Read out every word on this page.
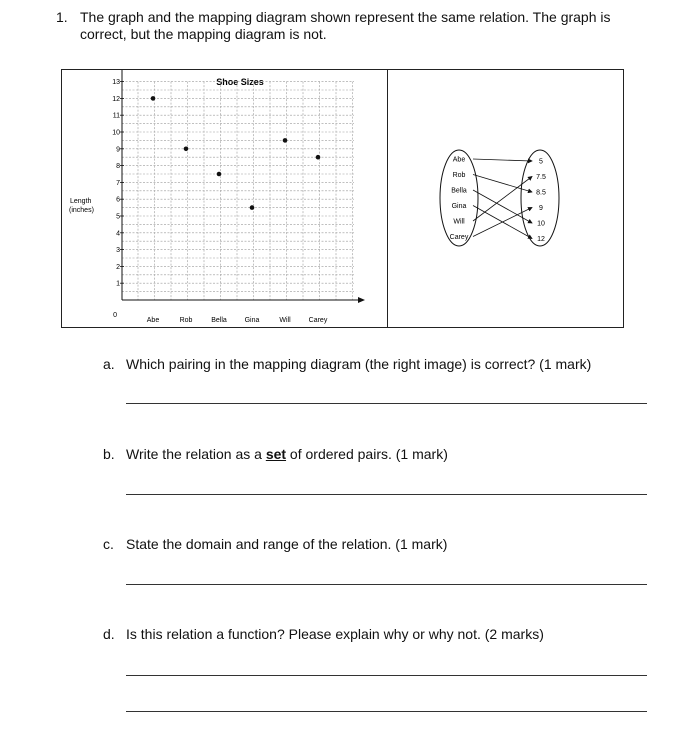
1. The graph and the mapping diagram shown represent the same relation. The graph is correct, but the mapping diagram is not.
Shoe Sizes
Length
(inches)
0
1
2
3
4
5
6
7
8
9
10
11
12
13
Abe	Rob	Bella	Gina	Will	Carey
Abe
Rob
Bella
Gina
Will
Carey
5
7.5
8.5
9
10
12
a. Which pairing in the mapping diagram (the right image) is correct? (1 mark)
b. Write the relation as a set of ordered pairs. (1 mark)
c. State the domain and range of the relation. (1 mark)
d. Is this relation a function? Please explain why or why not. (2 marks)
